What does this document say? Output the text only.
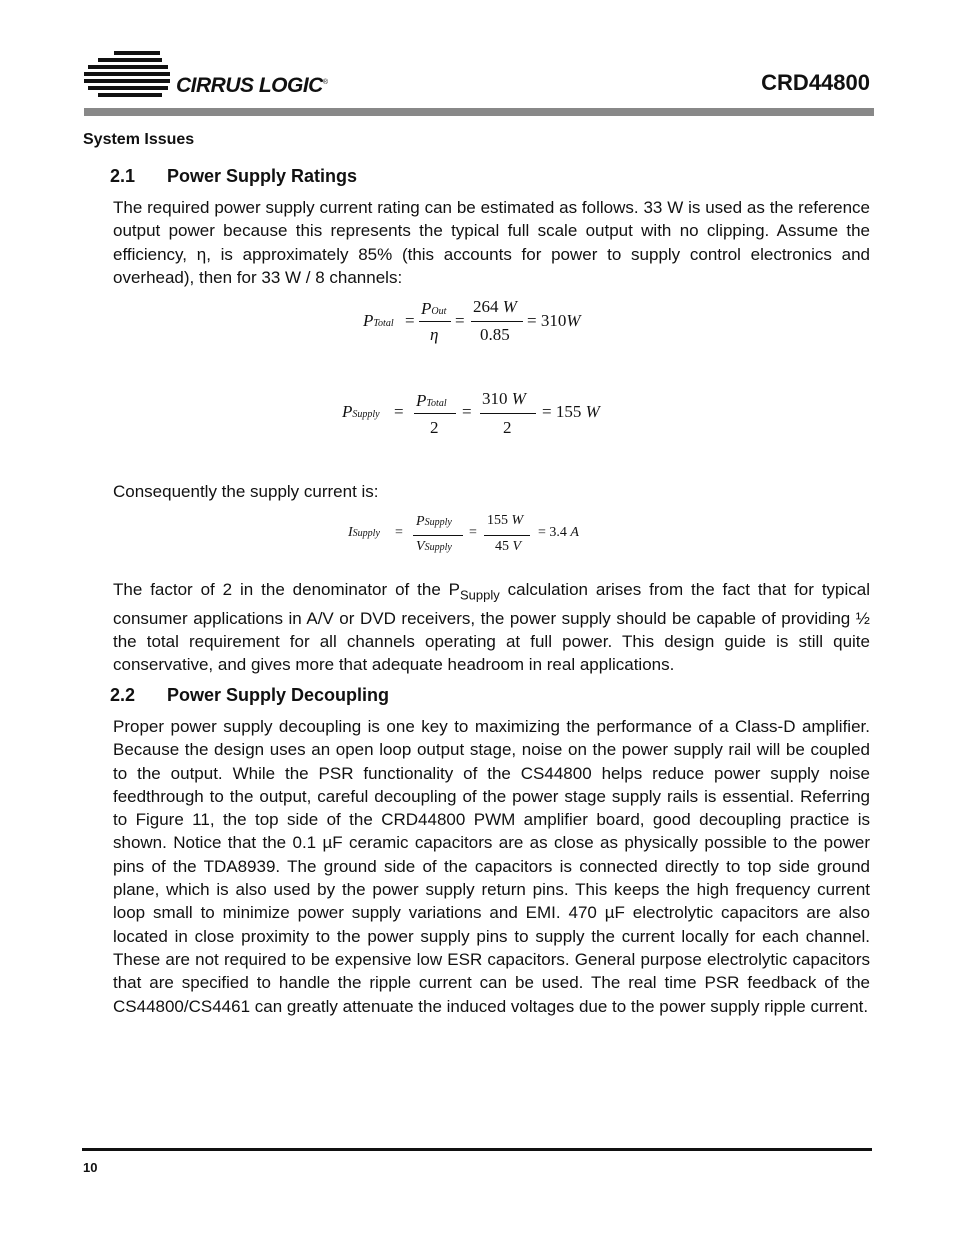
CIRRUS LOGIC®	CRD44800
System Issues
2.1 Power Supply Ratings
The required power supply current rating can be estimated as follows. 33 W is used as the reference output power because this represents the typical full scale output with no clipping. Assume the efficiency, η, is approximately 85% (this accounts for power to supply control electronics and overhead), then for 33 W / 8 channels:
PTotal =
POut
η
=
264 W
0.85
= 310W
PSupply =
PTotal
2
=
310 W
2
= 155 W
Consequently the supply current is:
ISupply =
PSupply
VSupply
=
155 W
45 V
= 3.4 A
The factor of 2 in the denominator of the $P_{Supply}$ calculation arises from the fact that for typical consumer applications in A/V or DVD receivers, the power supply should be capable of providing ½ the total requirement for all channels operating at full power. This design guide is still quite conservative, and gives more that adequate headroom in real applications.
2.2 Power Supply Decoupling
Proper power supply decoupling is one key to maximizing the performance of a Class-D amplifier. Because the design uses an open loop output stage, noise on the power supply rail will be coupled to the output. While the PSR functionality of the CS44800 helps reduce power supply noise feedthrough to the output, careful decoupling of the power stage supply rails is essential. Referring to Figure 11, the top side of the CRD44800 PWM amplifier board, good decoupling practice is shown. Notice that the 0.1 µF ceramic capacitors are as close as physically possible to the power pins of the TDA8939. The ground side of the capacitors is connected directly to top side ground plane, which is also used by the power supply return pins. This keeps the high frequency current loop small to minimize power supply variations and EMI. 470 µF electrolytic capacitors are also located in close proximity to the power supply pins to supply the current locally for each channel. These are not required to be expensive low ESR capacitors. General purpose electrolytic capacitors that are specified to handle the ripple current can be used. The real time PSR feedback of the CS44800/CS4461 can greatly attenuate the induced voltages due to the power supply ripple current.
10
